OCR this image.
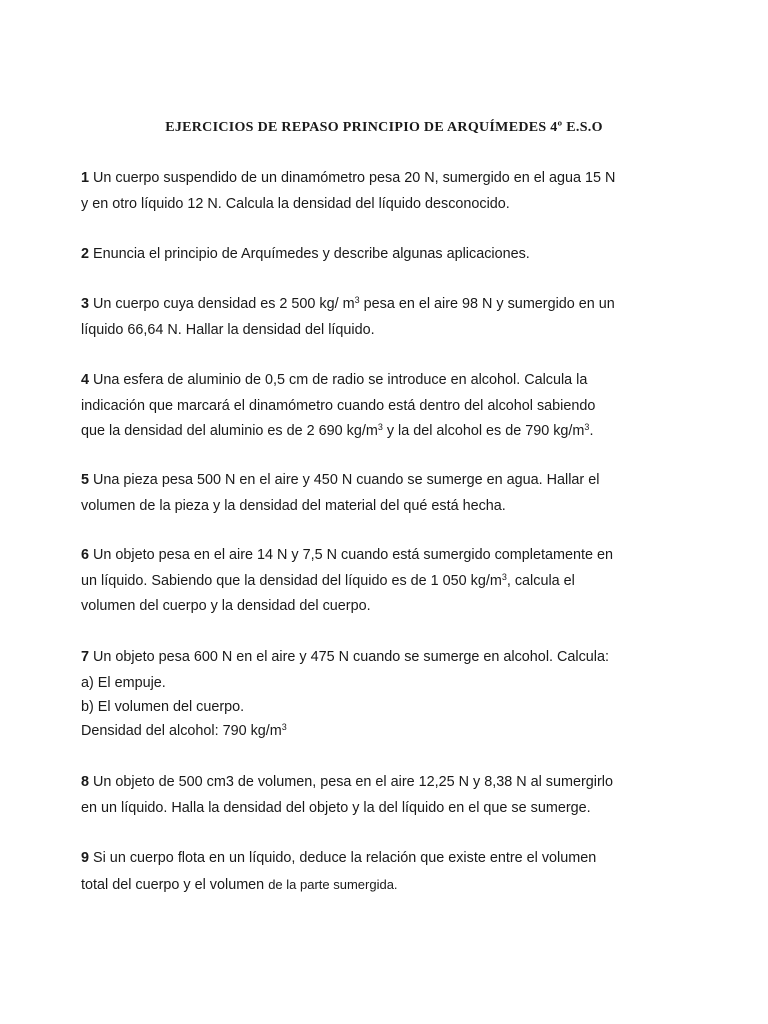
EJERCICIOS DE REPASO PRINCIPIO DE ARQUÍMEDES 4º E.S.O
1 Un cuerpo suspendido de un dinamómetro pesa 20 N, sumergido en el agua 15 N
y en otro líquido 12 N. Calcula la densidad del líquido desconocido.
2 Enuncia el principio de Arquímedes y describe algunas aplicaciones.
3 Un cuerpo cuya densidad es 2 500 kg/ $m^3$ pesa en el aire 98 N y sumergido en un
líquido 66,64 N. Hallar la densidad del líquido.
4 Una esfera de aluminio de 0,5 cm de radio se introduce en alcohol. Calcula la
indicación que marcará el dinamómetro cuando está dentro del alcohol sabiendo
que la densidad del aluminio es de 2 690 $kg/m^3$ y la del alcohol es de 790 $kg/m^3$.
5 Una pieza pesa 500 N en el aire y 450 N cuando se sumerge en agua. Hallar el
volumen de la pieza y la densidad del material del qué está hecha.
6 Un objeto pesa en el aire 14 N y 7,5 N cuando está sumergido completamente en
un líquido. Sabiendo que la densidad del líquido es de 1 050 $kg/m^3$, calcula el
volumen del cuerpo y la densidad del cuerpo.
7 Un objeto pesa 600 N en el aire y 475 N cuando se sumerge en alcohol. Calcula:
a) El empuje.
b) El volumen del cuerpo.
Densidad del alcohol: 790 $kg/m^3$
8 Un objeto de 500 cm3 de volumen, pesa en el aire 12,25 N y 8,38 N al sumergirlo
en un líquido. Halla la densidad del objeto y la del líquido en el que se sumerge.
9 Si un cuerpo flota en un líquido, deduce la relación que existe entre el volumen
total del cuerpo y el volumen de la parte sumergida.
